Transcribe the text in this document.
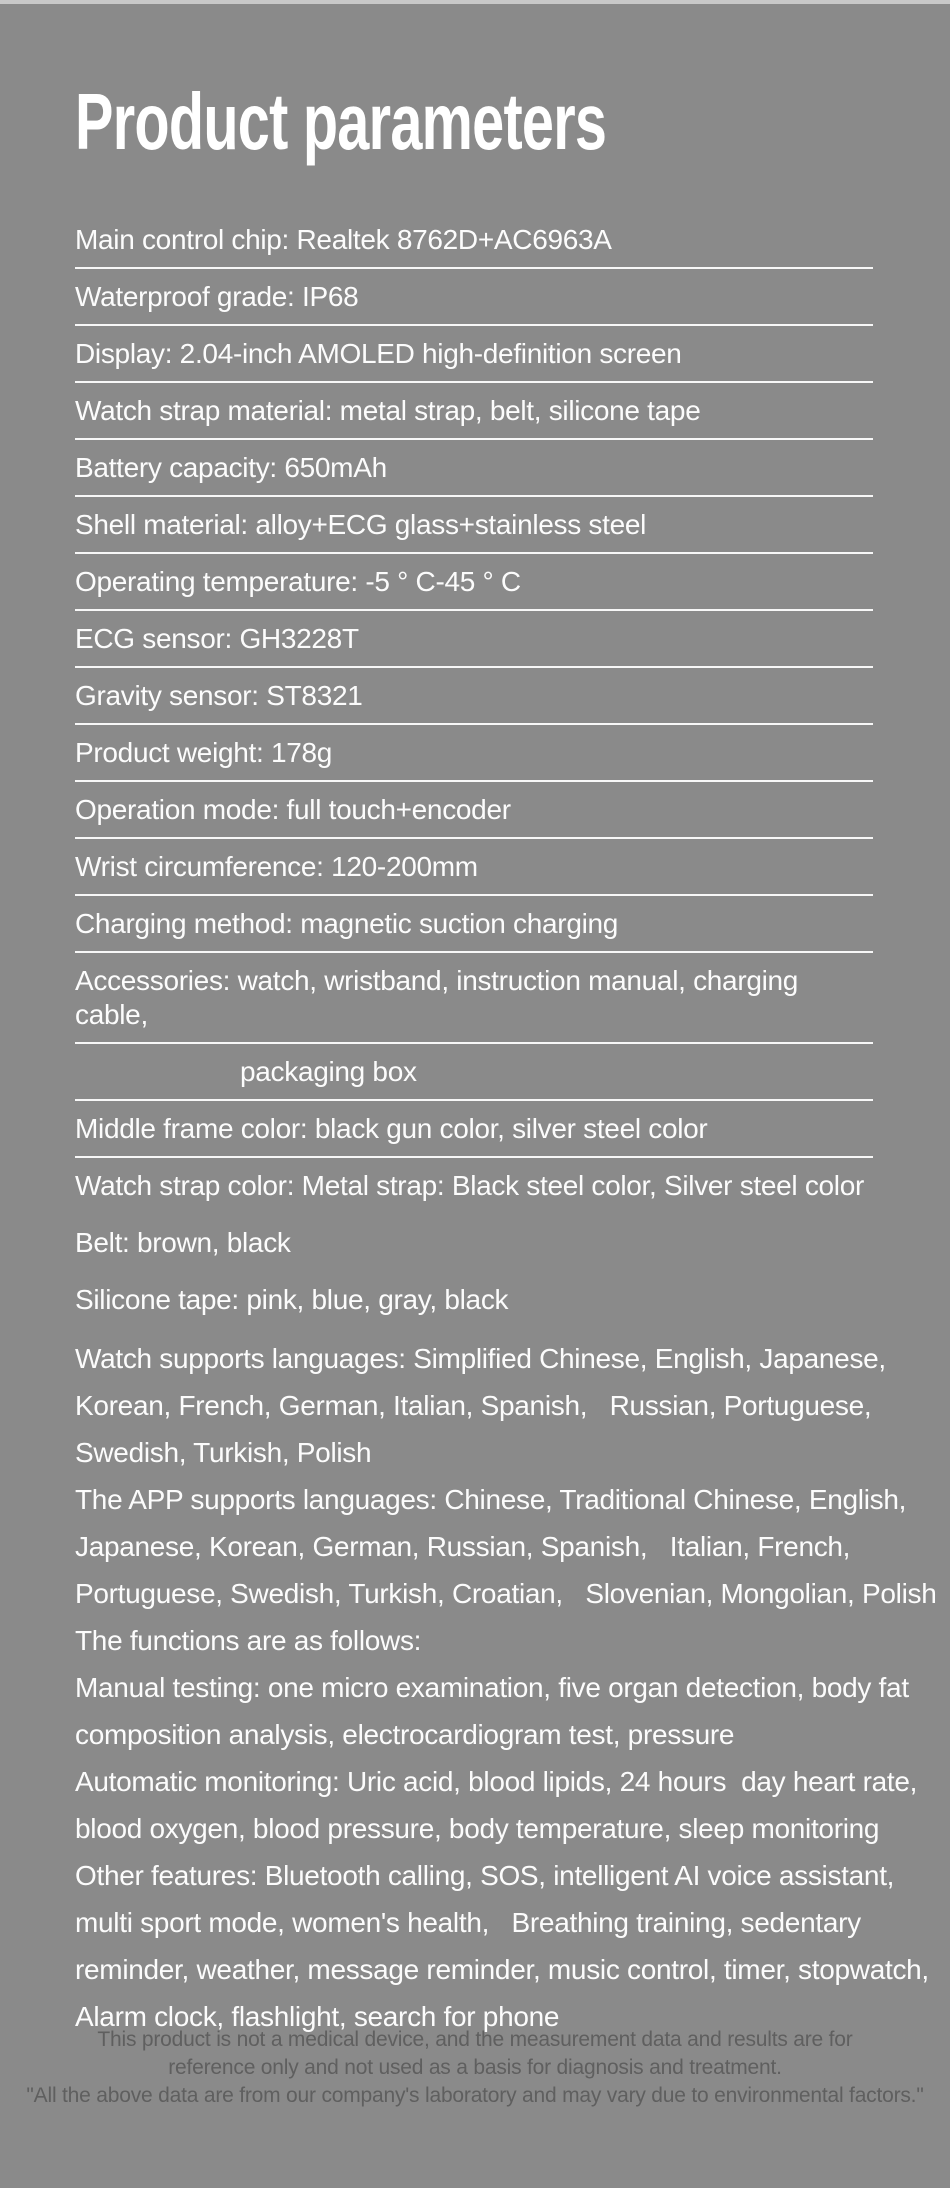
Product parameters
Main control chip: Realtek 8762D+AC6963A
Waterproof grade: IP68
Display: 2.04-inch AMOLED high-definition screen
Watch strap material: metal strap, belt, silicone tape
Battery capacity: 650mAh
Shell material: alloy+ECG glass+stainless steel
Operating temperature: -5 ° C-45 ° C
ECG sensor: GH3228T
Gravity sensor: ST8321
Product weight: 178g
Operation mode: full touch+encoder
Wrist circumference: 120-200mm
Charging method: magnetic suction charging
Accessories: watch, wristband, instruction manual, charging cable,
packaging box
Middle frame color: black gun color, silver steel color
Watch strap color: Metal strap: Black steel color, Silver steel color
Belt: brown, black
Silicone tape: pink, blue, gray, black
Watch supports languages: Simplified Chinese, English, Japanese, Korean, French, German, Italian, Spanish,   Russian, Portuguese, Swedish, Turkish, Polish
The APP supports languages: Chinese, Traditional Chinese, English, Japanese, Korean, German, Russian, Spanish,   Italian, French, Portuguese, Swedish, Turkish, Croatian,   Slovenian, Mongolian, Polish
The functions are as follows:
Manual testing: one micro examination, five organ detection, body fat composition analysis, electrocardiogram test, pressure
Automatic monitoring: Uric acid, blood lipids, 24 hours  day heart rate, blood oxygen, blood pressure, body temperature, sleep monitoring
Other features: Bluetooth calling, SOS, intelligent AI voice assistant, multi sport mode, women's health,   Breathing training, sedentary reminder, weather, message reminder, music control, timer, stopwatch,   Alarm clock, flashlight, search for phone
This product is not a medical device, and the measurement data and results are for
reference only and not used as a basis for diagnosis and treatment.
"All the above data are from our company's laboratory and may vary due to environmental factors."
